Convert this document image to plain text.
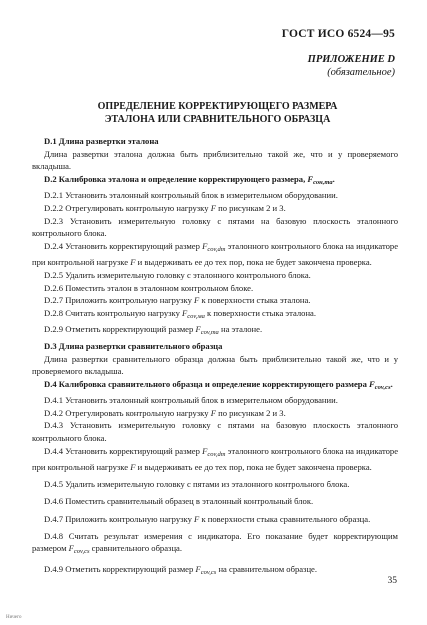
ГОСТ ИСО 6524—95
ПРИЛОЖЕНИЕ D
(обязательное)
ОПРЕДЕЛЕНИЕ КОРРЕКТИРУЮЩЕГО РАЗМЕРА
ЭТАЛОНА ИЛИ СРАВНИТЕЛЬНОГО ОБРАЗЦА

D.1 Длина развертки эталона

Длина развертки эталона должна быть приблизительно такой же, что и у проверяемого вкладыша.

D.2 Калибровка эталона и определение корректирующего размера, $F_{сон,ma}$.

D.2.1 Установить эталонный контрольный блок в измерительном оборудовании.

D.2.2 Отрегулировать контрольную нагрузку F по рисункам 2 и 3.

D.2.3 Установить измерительную головку с пятами на базовую плоскость эталонного контрольного блока.

D.2.4 Установить корректирующий размер $F_{cov,dm}$ эталонного контрольного блока на индикаторе при контрольной нагрузке F и выдерживать ее до тех пор, пока не будет закончена проверка.

D.2.5 Удалить измерительную головку с эталонного контрольного блока.

D.2.6 Поместить эталон в эталонном контрольном блоке.

D.2.7 Приложить контрольную нагрузку F к поверхности стыка эталона.

D.2.8 Считать контрольную нагрузку $F_{cov,ма}$ к поверхности стыка эталона.

D.2.9 Отметить корректирующий размер $F_{cov,ma}$ на эталоне.

D.3 Длина развертки сравнительного образца

Длина развертки сравнительного образца должна быть приблизительно такой же, что и у проверяемого вкладыша.

D.4 Калибровка сравнительного образца и определение корректирующего размера $F_{cov,cs}$.

D.4.1 Установить эталонный контрольный блок в измерительном оборудовании.

D.4.2 Отрегулировать контрольную нагрузку F по рисункам 2 и 3.

D.4.3 Установить измерительную головку с пятами на базовую плоскость эталонного контрольного блока.

D.4.4 Установить корректирующий размер $F_{cov,dm}$ эталонного контрольного блока на индикаторе при контрольной нагрузке F и выдерживать ее до тех пор, пока не будет закончена проверка.

D.4.5 Удалить измерительную головку с пятами из эталонного контрольного блока.

D.4.6 Поместить сравнительный образец в эталонный контрольный блок.

D.4.7 Приложить контрольную нагрузку F к поверхности стыка сравнительного образца.

D.4.8 Считать результат измерения с индикатора. Его показание будет корректирующим размером $F_{cov,cs}$ сравнительного образца.

D.4.9 Отметить корректирующий размер $F_{cov,cs}$ на сравнительном образце.

35
Ничего
